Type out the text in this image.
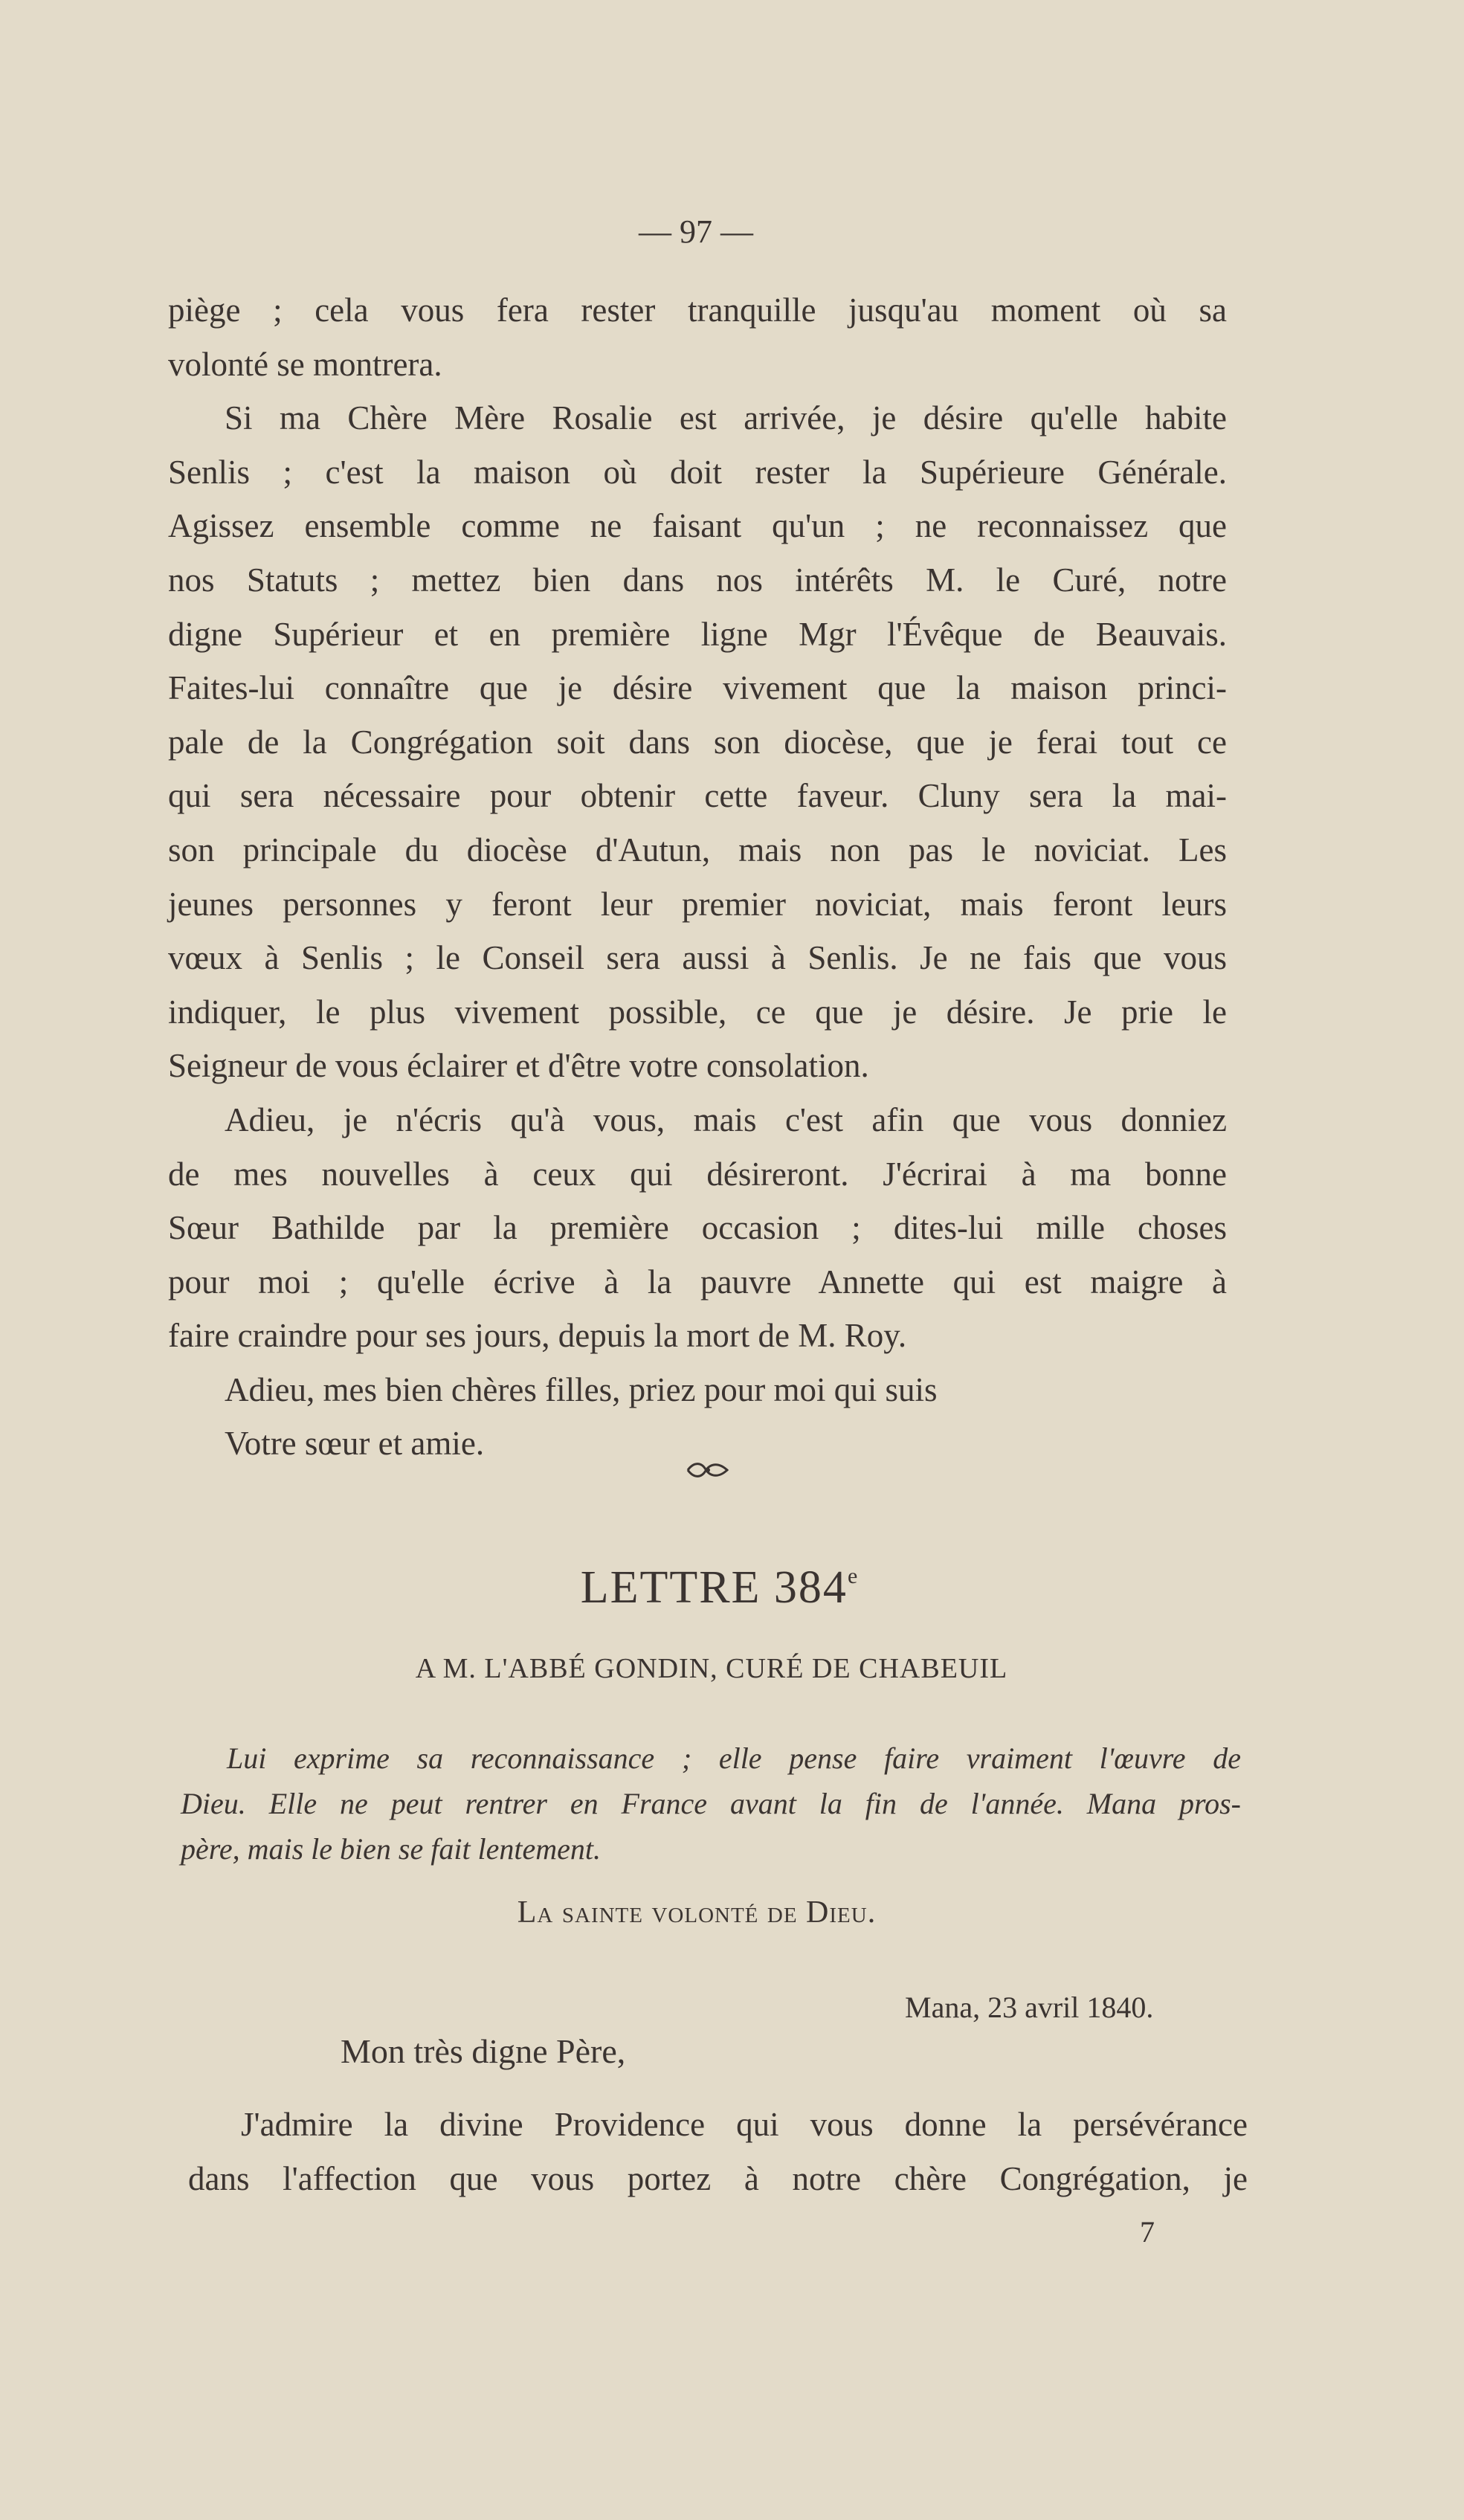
— 97 —
piège ; cela vous fera rester tranquille jusqu'au moment où sa
volonté se montrera.
Si ma Chère Mère Rosalie est arrivée, je désire qu'elle habite
Senlis ; c'est la maison où doit rester la Supérieure Générale.
Agissez ensemble comme ne faisant qu'un ; ne reconnaissez que
nos Statuts ; mettez bien dans nos intérêts M. le Curé, notre
digne Supérieur et en première ligne Mgr l'Évêque de Beauvais.
Faites-lui connaître que je désire vivement que la maison princi-
pale de la Congrégation soit dans son diocèse, que je ferai tout ce
qui sera nécessaire pour obtenir cette faveur. Cluny sera la mai-
son principale du diocèse d'Autun, mais non pas le noviciat. Les
jeunes personnes y feront leur premier noviciat, mais feront leurs
vœux à Senlis ; le Conseil sera aussi à Senlis. Je ne fais que vous
indiquer, le plus vivement possible, ce que je désire. Je prie le
Seigneur de vous éclairer et d'être votre consolation.
Adieu, je n'écris qu'à vous, mais c'est afin que vous donniez
de mes nouvelles à ceux qui désireront. J'écrirai à ma bonne
Sœur Bathilde par la première occasion ; dites-lui mille choses
pour moi ; qu'elle écrive à la pauvre Annette qui est maigre à
faire craindre pour ses jours, depuis la mort de M. Roy.
Adieu, mes bien chères filles, priez pour moi qui suis
Votre sœur et amie.
LETTRE 384e
A M. L'ABBÉ GONDIN, CURÉ DE CHABEUIL
Lui exprime sa reconnaissance ; elle pense faire vraiment l'œuvre de
Dieu. Elle ne peut rentrer en France avant la fin de l'année. Mana pros-
père, mais le bien se fait lentement.
La sainte volonté de Dieu.
Mana, 23 avril 1840.
Mon très digne Père,
J'admire la divine Providence qui vous donne la persévérance
dans l'affection que vous portez à notre chère Congrégation, je
7
